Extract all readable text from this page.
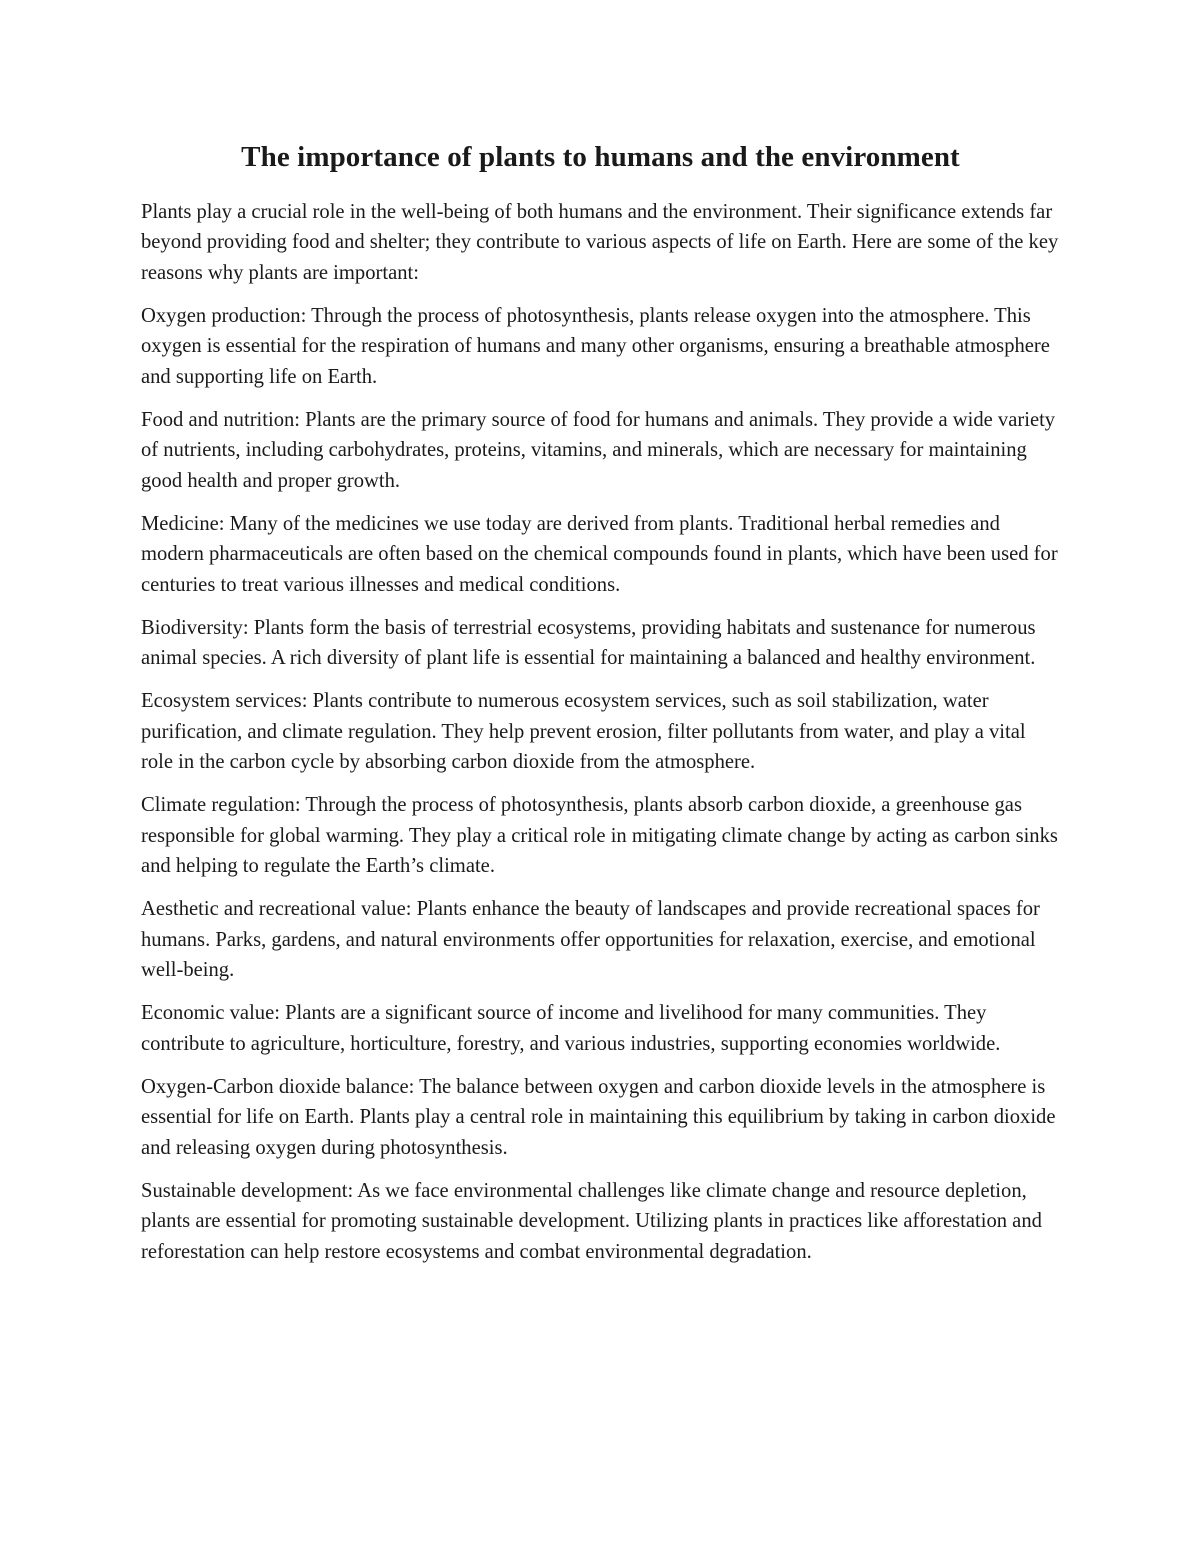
The importance of plants to humans and the environment

Plants play a crucial role in the well-being of both humans and the environment. Their significance extends far beyond providing food and shelter; they contribute to various aspects of life on Earth. Here are some of the key reasons why plants are important:

Oxygen production: Through the process of photosynthesis, plants release oxygen into the atmosphere. This oxygen is essential for the respiration of humans and many other organisms, ensuring a breathable atmosphere and supporting life on Earth.

Food and nutrition: Plants are the primary source of food for humans and animals. They provide a wide variety of nutrients, including carbohydrates, proteins, vitamins, and minerals, which are necessary for maintaining good health and proper growth.

Medicine: Many of the medicines we use today are derived from plants. Traditional herbal remedies and modern pharmaceuticals are often based on the chemical compounds found in plants, which have been used for centuries to treat various illnesses and medical conditions.

Biodiversity: Plants form the basis of terrestrial ecosystems, providing habitats and sustenance for numerous animal species. A rich diversity of plant life is essential for maintaining a balanced and healthy environment.

Ecosystem services: Plants contribute to numerous ecosystem services, such as soil stabilization, water purification, and climate regulation. They help prevent erosion, filter pollutants from water, and play a vital role in the carbon cycle by absorbing carbon dioxide from the atmosphere.

Climate regulation: Through the process of photosynthesis, plants absorb carbon dioxide, a greenhouse gas responsible for global warming. They play a critical role in mitigating climate change by acting as carbon sinks and helping to regulate the Earth’s climate.

Aesthetic and recreational value: Plants enhance the beauty of landscapes and provide recreational spaces for humans. Parks, gardens, and natural environments offer opportunities for relaxation, exercise, and emotional well-being.

Economic value: Plants are a significant source of income and livelihood for many communities. They contribute to agriculture, horticulture, forestry, and various industries, supporting economies worldwide.

Oxygen-Carbon dioxide balance: The balance between oxygen and carbon dioxide levels in the atmosphere is essential for life on Earth. Plants play a central role in maintaining this equilibrium by taking in carbon dioxide and releasing oxygen during photosynthesis.

Sustainable development: As we face environmental challenges like climate change and resource depletion, plants are essential for promoting sustainable development. Utilizing plants in practices like afforestation and reforestation can help restore ecosystems and combat environmental degradation.
